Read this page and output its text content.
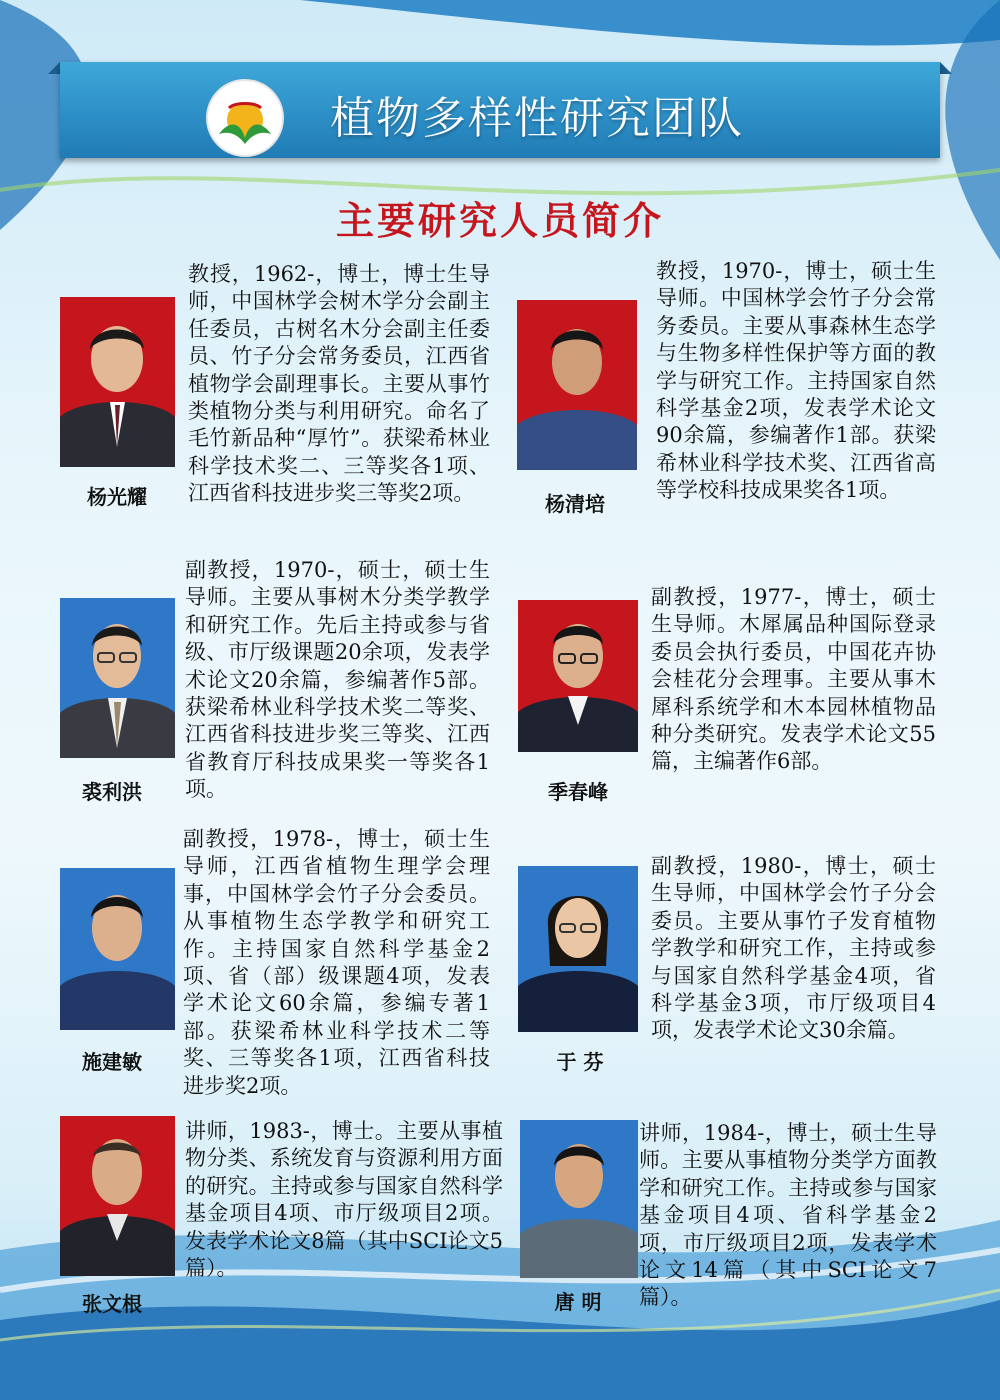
植物多样性研究团队
主要研究人员简介
杨光耀
教授，1962-，博士，博士生导师，中国林学会树木学分会副主任委员，古树名木分会副主任委员、竹子分会常务委员，江西省植物学会副理事长。主要从事竹类植物分类与利用研究。命名了毛竹新品种“厚竹”。获梁希林业科学技术奖二、三等奖各1项、江西省科技进步奖三等奖2项。	杨清培
教授，1970-，博士，硕士生导师。中国林学会竹子分会常务委员。主要从事森林生态学与生物多样性保护等方面的教学与研究工作。主持国家自然科学基金2项，发表学术论文90余篇，参编著作1部。获梁希林业科学技术奖、江西省高等学校科技成果奖各1项。
裘利洪
副教授，1970-，硕士，硕士生导师。主要从事树木分类学教学和研究工作。先后主持或参与省级、市厅级课题20余项，发表学术论文20余篇，参编著作5部。获梁希林业科学技术奖二等奖、江西省科技进步奖三等奖、江西省教育厅科技成果奖一等奖各1项。	季春峰
副教授，1977-，博士，硕士生导师。木犀属品种国际登录委员会执行委员，中国花卉协会桂花分会理事。主要从事木犀科系统学和木本园林植物品种分类研究。发表学术论文55篇，主编著作6部。
施建敏
副教授，1978-，博士，硕士生导师，江西省植物生理学会理事，中国林学会竹子分会委员。从事植物生态学教学和研究工作。主持国家自然科学基金2项、省（部）级课题4项，发表学术论文60余篇，参编专著1部。获梁希林业科学技术二等奖、三等奖各1项，江西省科技进步奖2项。
于 芬
副教授，1980-，博士，硕士生导师，中国林学会竹子分会委员。主要从事竹子发育植物学教学和研究工作，主持或参与国家自然科学基金4项，省科学基金3项，市厅级项目4项，发表学术论文30余篇。
张文根
讲师，1983-，博士。主要从事植物分类、系统发育与资源利用方面的研究。主持或参与国家自然科学基金项目4项、市厅级项目2项。发表学术论文8篇（其中SCI论文5篇）。
唐 明
讲师，1984-，博士，硕士生导师。主要从事植物分类学方面教学和研究工作。主持或参与国家基金项目4项、省科学基金2项，市厅级项目2项，发表学术论文14篇（其中SCI论文7篇）。
